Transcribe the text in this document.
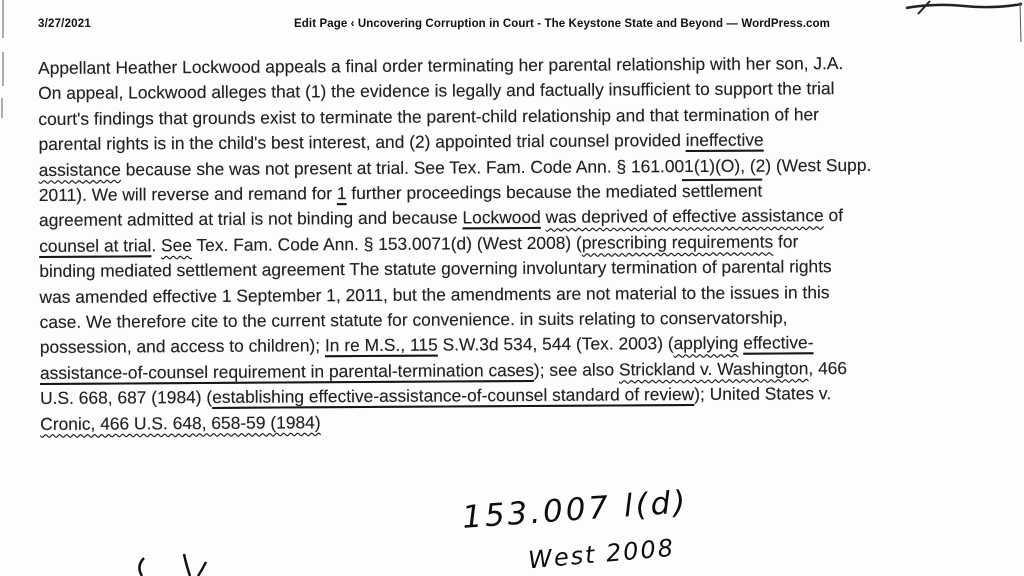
3/27/2021	Edit Page ‹ Uncovering Corruption in Court - The Keystone State and Beyond — WordPress.com
Appellant Heather Lockwood appeals a final order terminating her parental relationship with her son, J.A.
On appeal, Lockwood alleges that (1) the evidence is legally and factually insufficient to support the trial
court's findings that grounds exist to terminate the parent-child relationship and that termination of her
parental rights is in the child's best interest, and (2) appointed trial counsel provided ineffective
assistance because she was not present at trial. See Tex. Fam. Code Ann. § 161.001(1)(O), (2) (West Supp.
2011). We will reverse and remand for 1 further proceedings because the mediated settlement
agreement admitted at trial is not binding and because Lockwood was deprived of effective assistance of
counsel at trial. See Tex. Fam. Code Ann. § 153.0071(d) (West 2008) (prescribing requirements for
binding mediated settlement agreement The statute governing involuntary termination of parental rights
was amended effective 1 September 1, 2011, but the amendments are not material to the issues in this
case. We therefore cite to the current statute for convenience. in suits relating to conservatorship,
possession, and access to children); In re M.S., 115 S.W.3d 534, 544 (Tex. 2003) (applying effective-
assistance-of-counsel requirement in parental-termination cases); see also Strickland v. Washington, 466
U.S. 668, 687 (1984) (establishing effective-assistance-of-counsel standard of review); United States v.
Cronic, 466 U.S. 648, 658-59 (1984)
153.007 l(d)
West 2008
